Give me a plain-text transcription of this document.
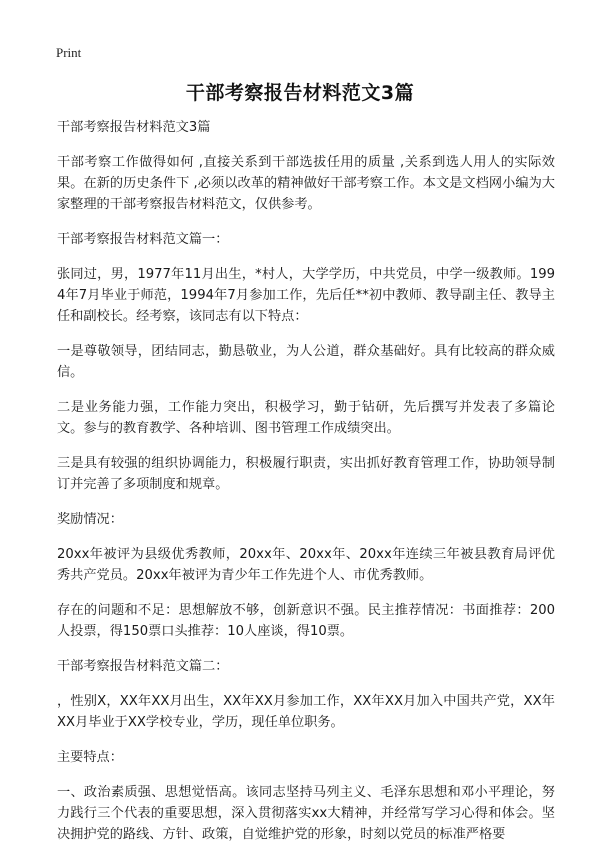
Print
干部考察报告材料范文3篇

干部考察报告材料范文3篇

干部考察工作做得如何 ,直接关系到干部选拔任用的质量 ,关系到选人用人的实际效果。在新的历史条件下 ,必须以改革的精神做好干部考察工作。本文是文档网小编为大家整理的干部考察报告材料范文，仅供参考。

干部考察报告材料范文篇一：

张同过，男，1977年11月出生，*村人，大学学历，中共党员，中学一级教师。1994年7月毕业于师范，1994年7月参加工作，先后任**初中教师、教导副主任、教导主任和副校长。经考察，该同志有以下特点：

一是尊敬领导，团结同志，勤恳敬业，为人公道，群众基础好。具有比较高的群众威信。

二是业务能力强，工作能力突出，积极学习，勤于钻研，先后撰写并发表了多篇论文。参与的教育教学、各种培训、图书管理工作成绩突出。

三是具有较强的组织协调能力，积极履行职责，实出抓好教育管理工作，协助领导制订并完善了多项制度和规章。

奖励情况：

20xx年被评为县级优秀教师，20xx年、20xx年、20xx年连续三年被县教育局评优秀共产党员。20xx年被评为青少年工作先进个人、市优秀教师。

存在的问题和不足：思想解放不够，创新意识不强。民主推荐情况：书面推荐：200人投票，得150票口头推荐：10人座谈，得10票。

干部考察报告材料范文篇二：

，性别X，XX年XX月出生，XX年XX月参加工作，XX年XX月加入中国共产党，XX年XX月毕业于XX学校专业，学历，现任单位职务。

主要特点：

一、政治素质强、思想觉悟高。该同志坚持马列主义、毛泽东思想和邓小平理论，努力践行三个代表的重要思想，深入贯彻落实xx大精神，并经常写学习心得和体会。坚决拥护党的路线、方针、政策，自觉维护党的形象，时刻以党员的标准严格要
